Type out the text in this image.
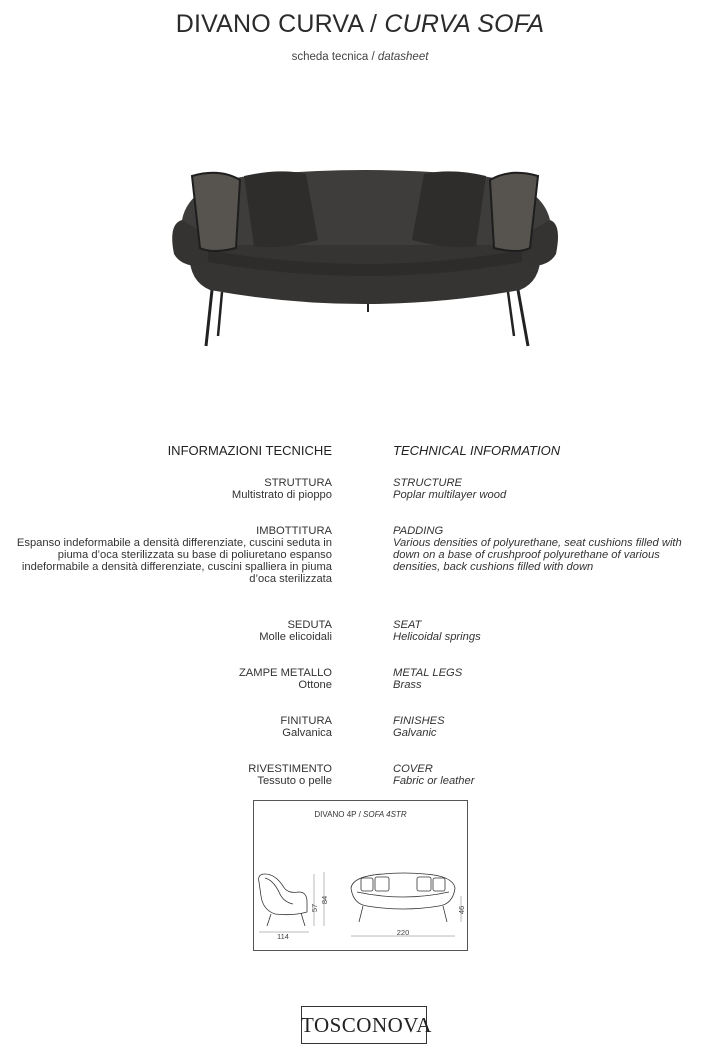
DIVANO CURVA / CURVA SOFA
scheda tecnica / datasheet
INFORMAZIONI TECNICHE	TECHNICAL INFORMATION
STRUTTURA
Multistrato di pioppo
STRUCTURE
Poplar multilayer wood
IMBOTTITURA
Espanso indeformabile a densità differenziate, cuscini seduta in piuma d’oca sterilizzata su base di poliuretano espanso indeformabile a densità differenziate, cuscini spalliera in piuma d’oca sterilizzata
PADDING
Various densities of polyurethane, seat cushions filled with down on a base of crushproof polyurethane of various densities, back cushions filled with down
SEDUTA
Molle elicoidali
SEAT
Helicoidal springs
ZAMPE METALLO
Ottone
METAL LEGS
Brass
FINITURA
Galvanica
FINISHES
Galvanic
RIVESTIMENTO
Tessuto o pelle
COVER
Fabric or leather
DIVANO 4P / SOFA 4STR
114
57
84
220
46
TOSCONOVA
